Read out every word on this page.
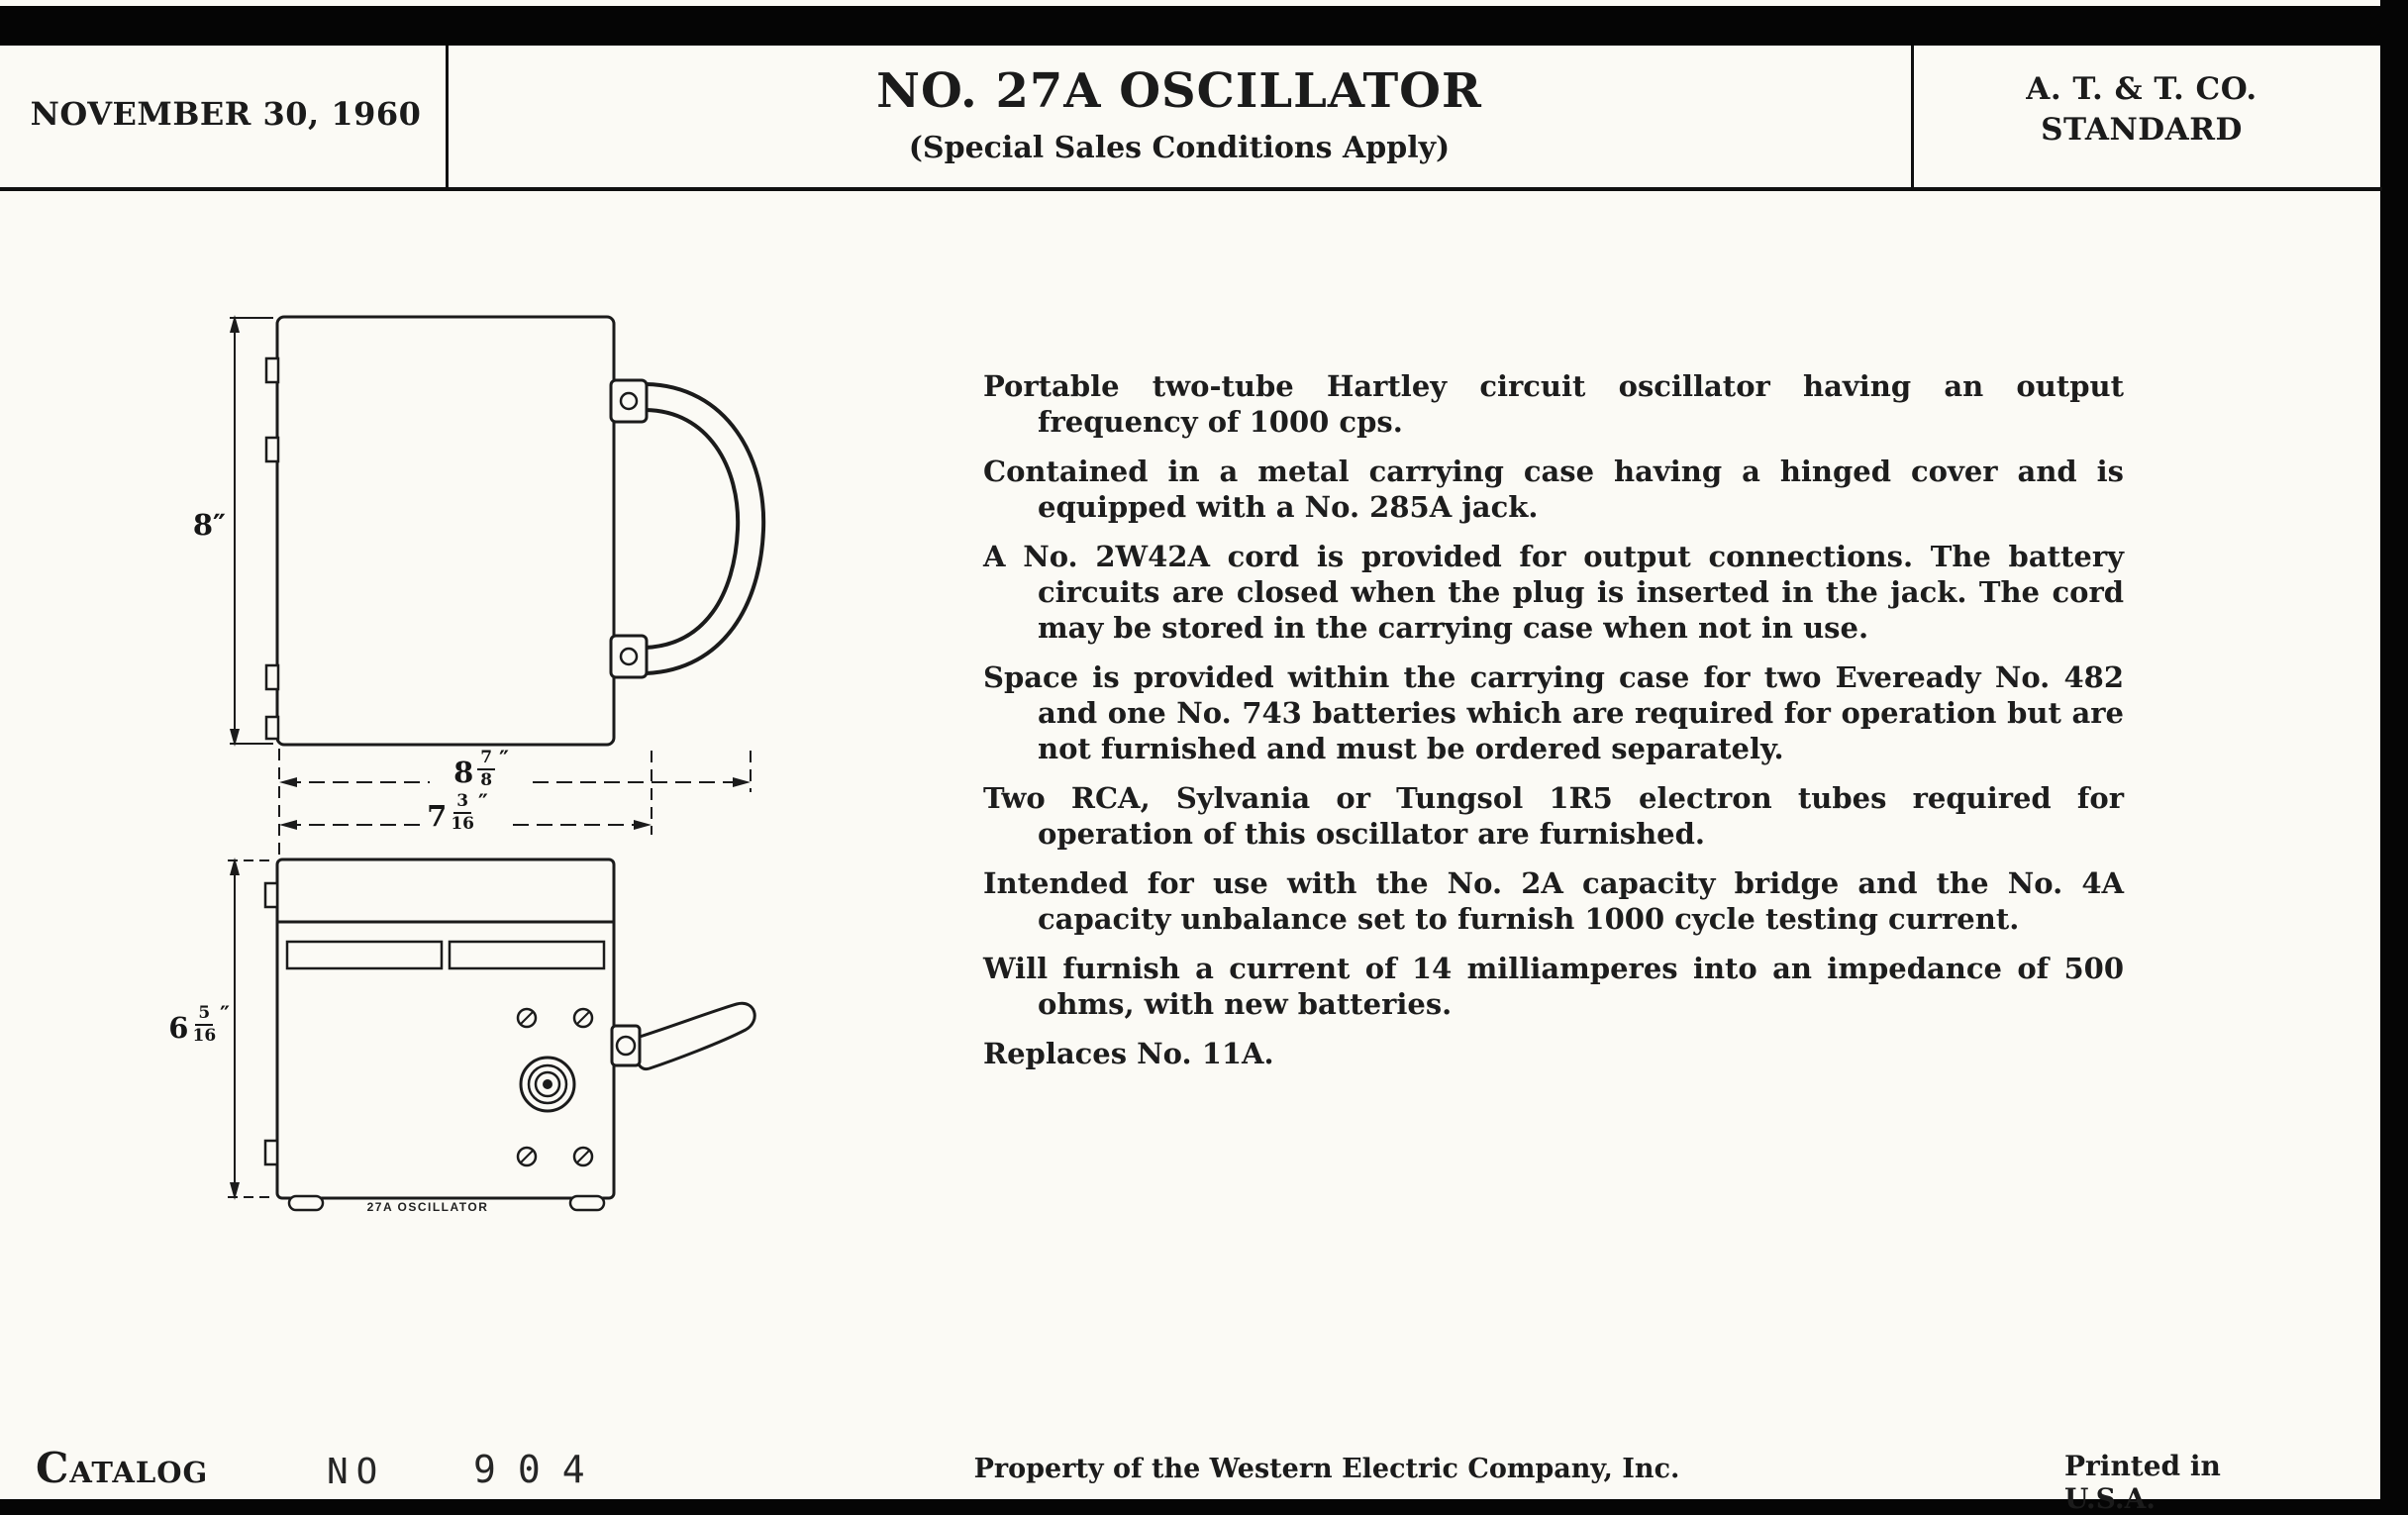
NOVEMBER 30, 1960	NO. 27A OSCILLATOR
(Special Sales Conditions Apply)
A. T. & T. CO.
STANDARD
8″
$8 \frac{7}{8}$ ″
$7 \frac{3}{16}$ ″
$6 \frac{5}{16}$ ″
27A OSCILLATOR

Portable two-tube Hartley circuit oscillator having an output frequency of 1000 cps.

Contained in a metal carrying case having a hinged cover and is equipped with a No. 285A jack.

A No. 2W42A cord is provided for output connections. The battery circuits are closed when the plug is inserted in the jack. The cord may be stored in the carrying case when not in use.

Space is provided within the carrying case for two Eveready No. 482 and one No. 743 batteries which are required for operation but are not furnished and must be ordered separately.

Two RCA, Sylvania or Tungsol 1R5 electron tubes required for operation of this oscillator are furnished.

Intended for use with the No. 2A capacity bridge and the No. 4A capacity unbalance set to furnish 1000 cycle testing current.

Will furnish a current of 14 milliamperes into an impedance of 500 ohms, with new batteries.

Replaces No. 11A.

Catalog	NO 904	Property of the Western Electric Company, Inc.	Printed in U.S.A.
